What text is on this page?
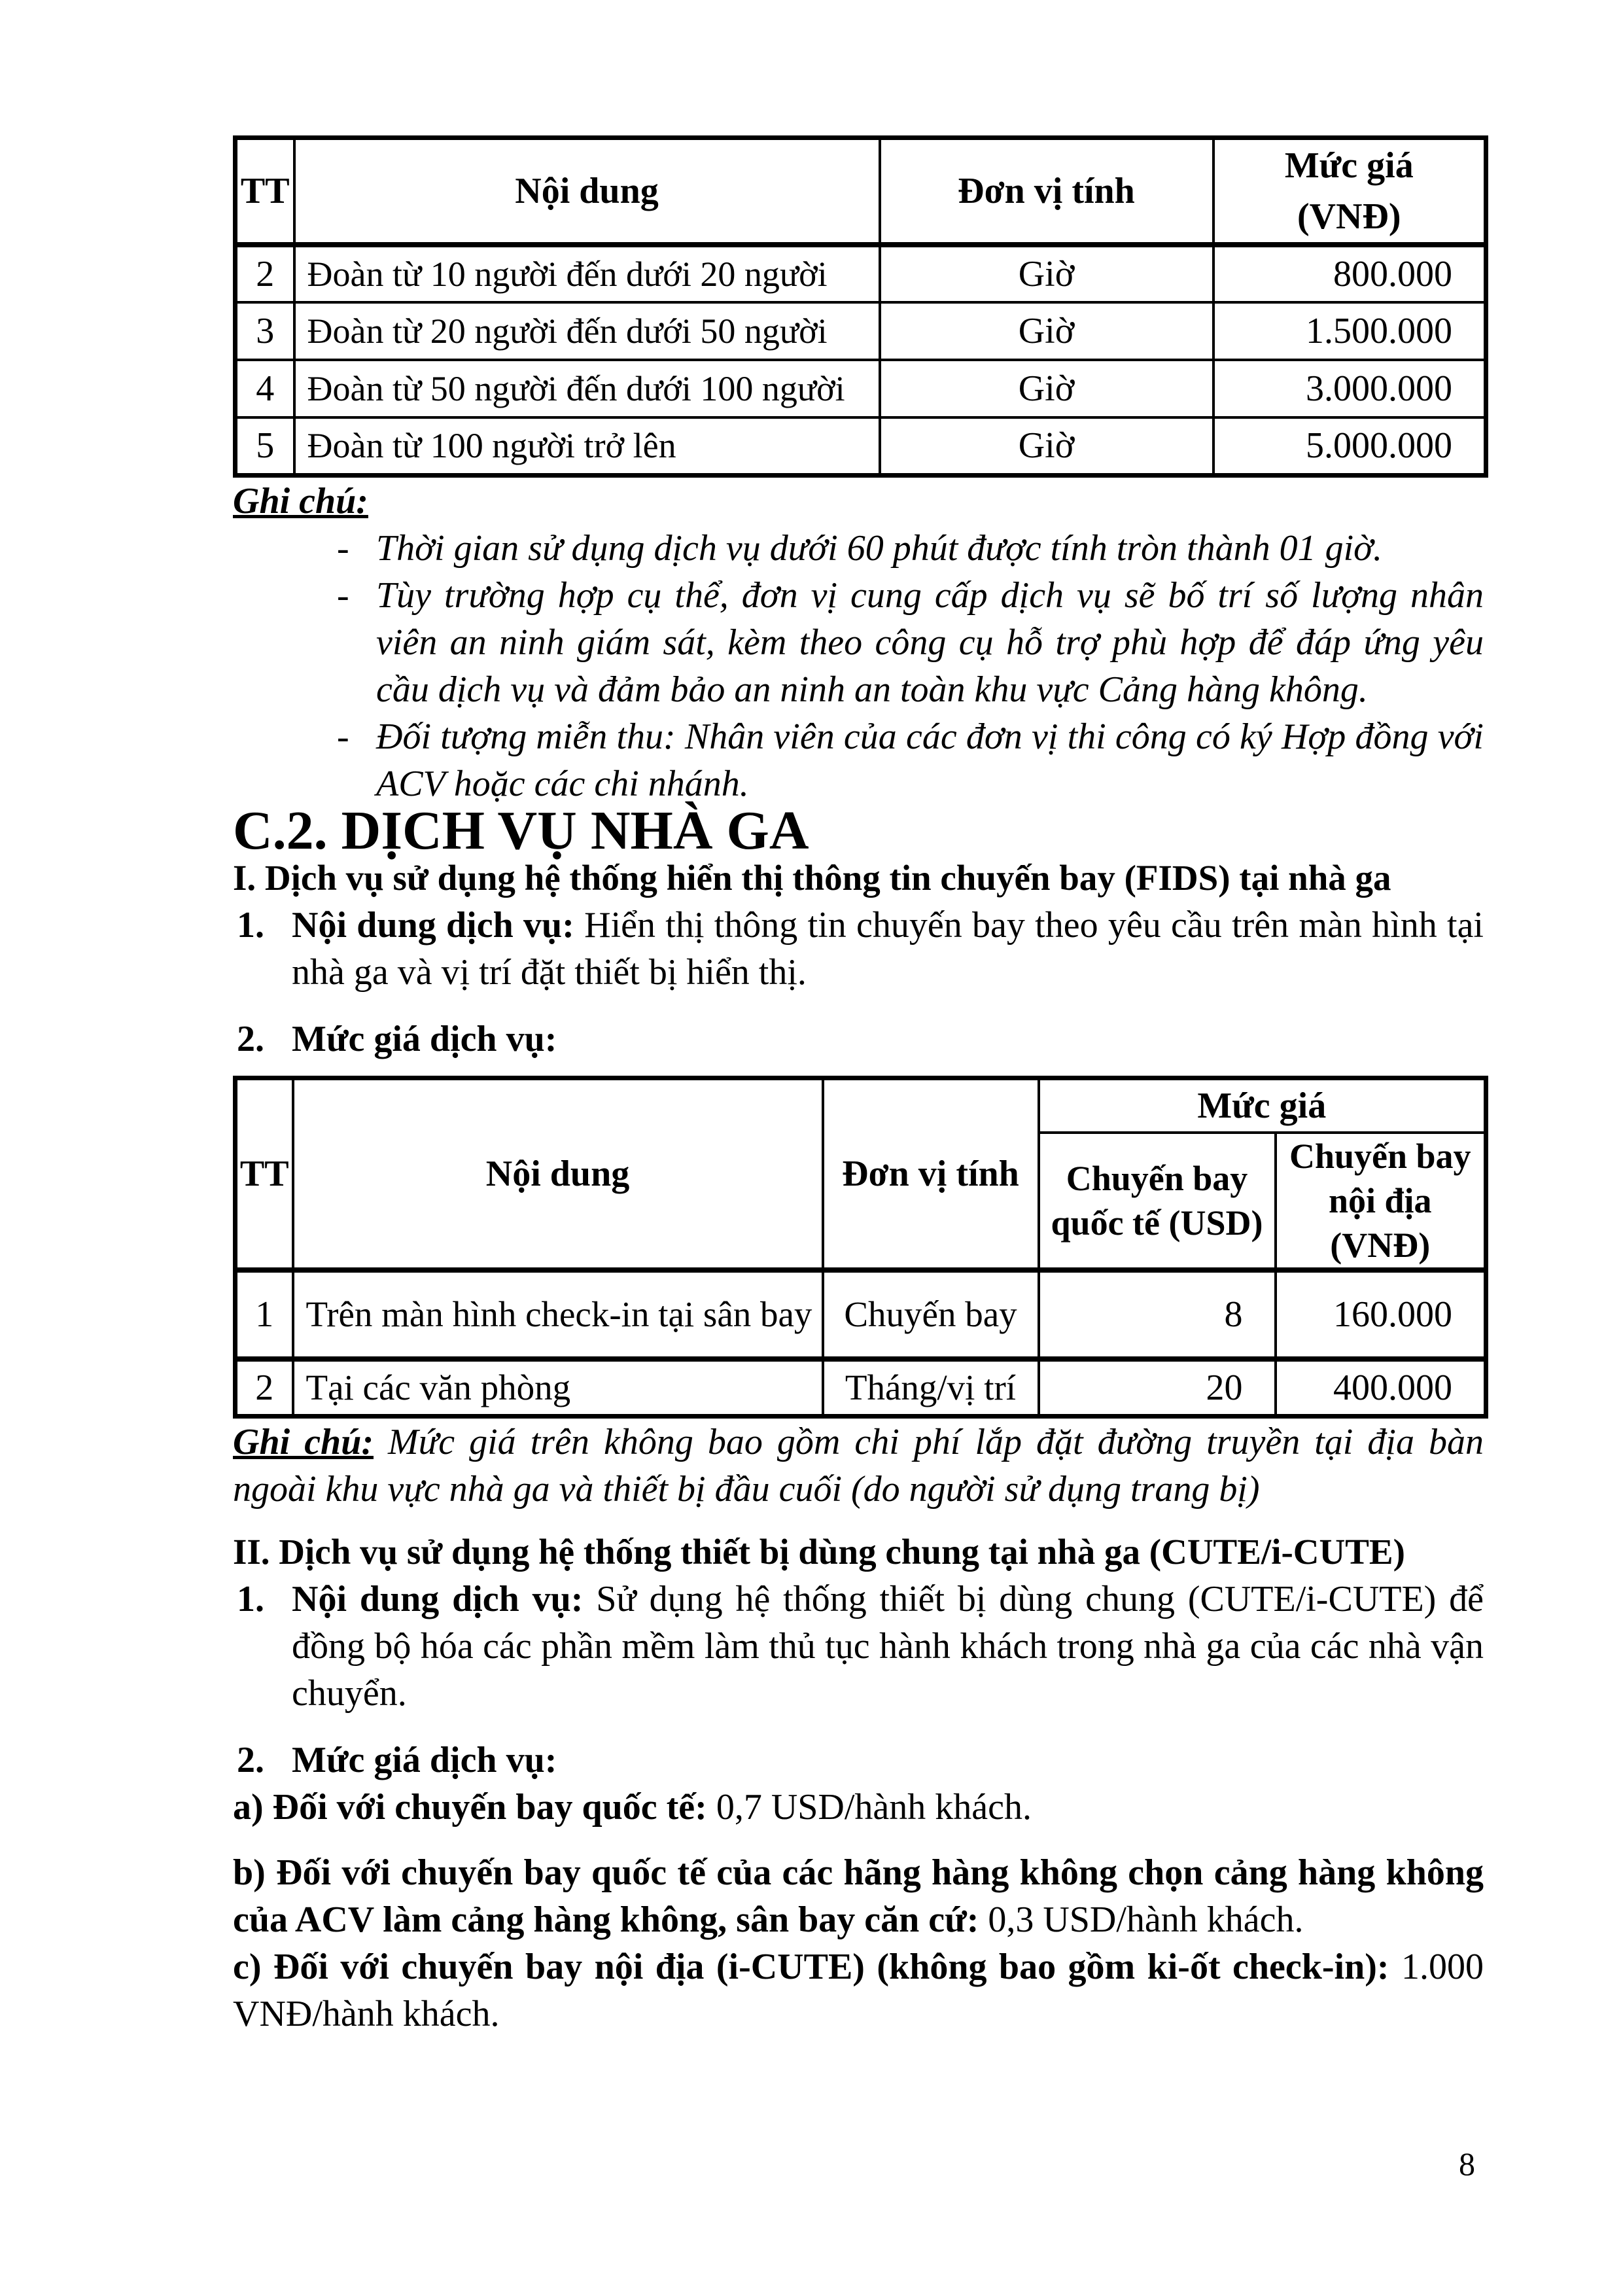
TT	Nội dung	Đơn vị tính	Mức giá
(VNĐ)

2	Đoàn từ 10 người đến dưới 20 người	Giờ	800.000
3	Đoàn từ 20 người đến dưới 50 người	Giờ	1.500.000
4	Đoàn từ 50 người đến dưới 100 người	Giờ	3.000.000
5	Đoàn từ 100 người trở lên	Giờ	5.000.000

Ghi chú:

- Thời gian sử dụng dịch vụ dưới 60 phút được tính tròn thành 01 giờ.
- Tùy trường hợp cụ thể, đơn vị cung cấp dịch vụ sẽ bố trí số lượng nhân viên an ninh giám sát, kèm theo công cụ hỗ trợ phù hợp để đáp ứng yêu cầu dịch vụ và đảm bảo an ninh an toàn khu vực Cảng hàng không.
- Đối tượng miễn thu: Nhân viên của các đơn vị thi công có ký Hợp đồng với ACV hoặc các chi nhánh.
C.2. DỊCH VỤ NHÀ GA
I. Dịch vụ sử dụng hệ thống hiển thị thông tin chuyến bay (FIDS) tại nhà ga
1. Nội dung dịch vụ: Hiển thị thông tin chuyến bay theo yêu cầu trên màn hình tại nhà ga và vị trí đặt thiết bị hiển thị.
2. Mức giá dịch vụ:
TT	Nội dung	Đơn vị tính	Mức giá	
			Chuyến bay quốc tế (USD)	Chuyến bay nội địa (VNĐ)
1	Trên màn hình check-in tại sân bay	Chuyến bay	8	160.000
2	Tại các văn phòng	Tháng/vị trí	20	400.000

Ghi chú: Mức giá trên không bao gồm chi phí lắp đặt đường truyền tại địa bàn ngoài khu vực nhà ga và thiết bị đầu cuối (do người sử dụng trang bị)

II. Dịch vụ sử dụng hệ thống thiết bị dùng chung tại nhà ga (CUTE/i-CUTE)
1. Nội dung dịch vụ: Sử dụng hệ thống thiết bị dùng chung (CUTE/i-CUTE) để đồng bộ hóa các phần mềm làm thủ tục hành khách trong nhà ga của các nhà vận chuyển.
2. Mức giá dịch vụ:

a) Đối với chuyến bay quốc tế: 0,7 USD/hành khách.

b) Đối với chuyến bay quốc tế của các hãng hàng không chọn cảng hàng không của ACV làm cảng hàng không, sân bay căn cứ: 0,3 USD/hành khách.

c) Đối với chuyến bay nội địa (i-CUTE) (không bao gồm ki-ốt check-in): 1.000 VNĐ/hành khách.

8
